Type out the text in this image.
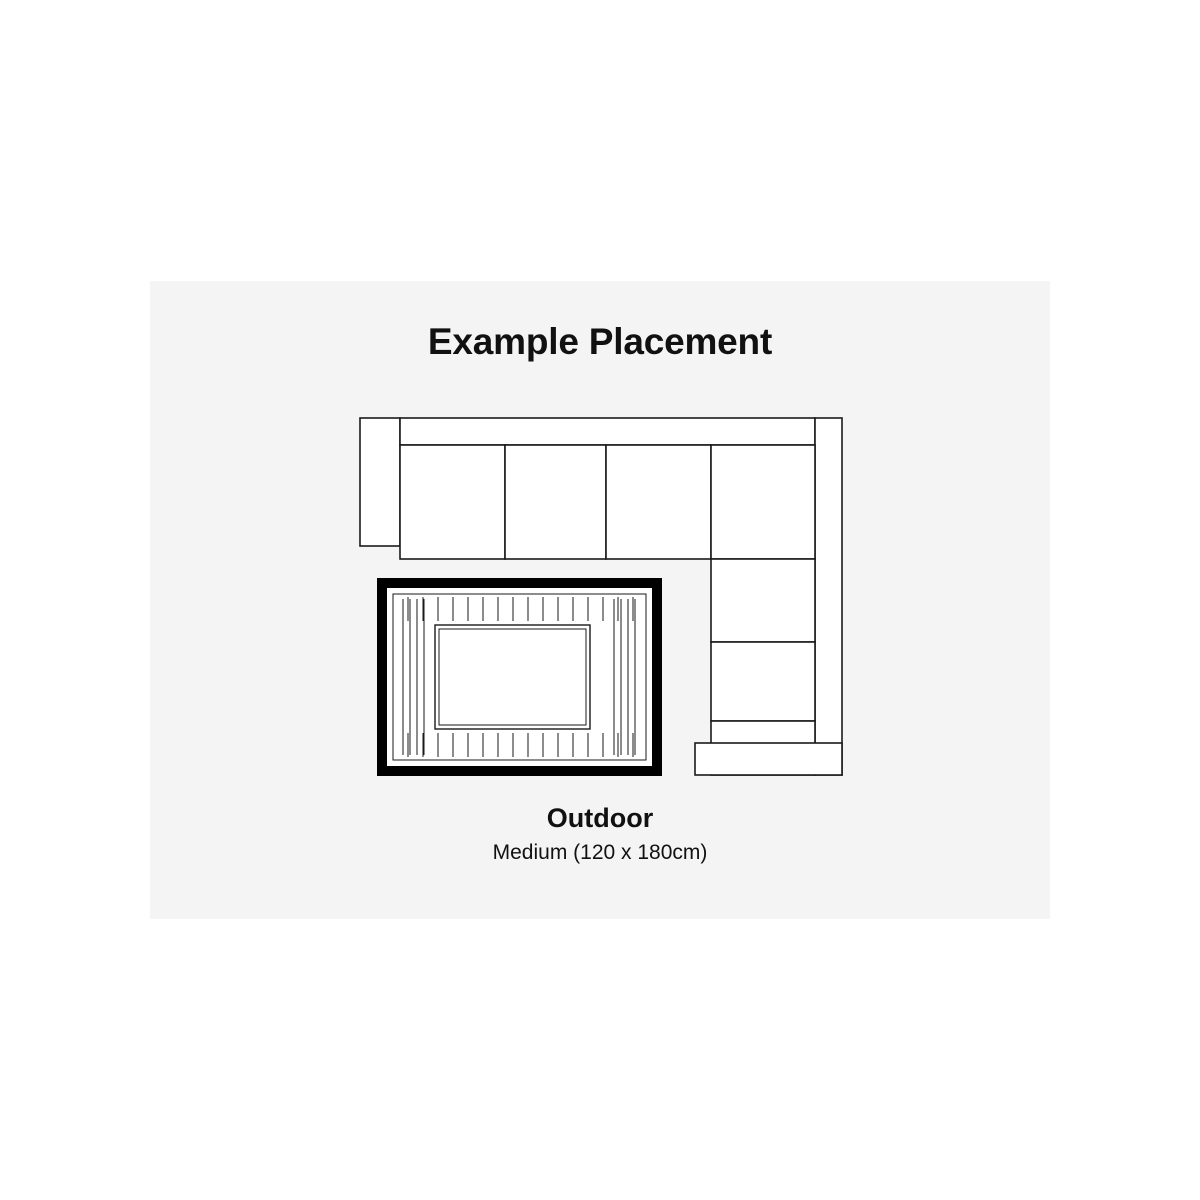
Example Placement
Outdoor
Medium (120 x 180cm)
